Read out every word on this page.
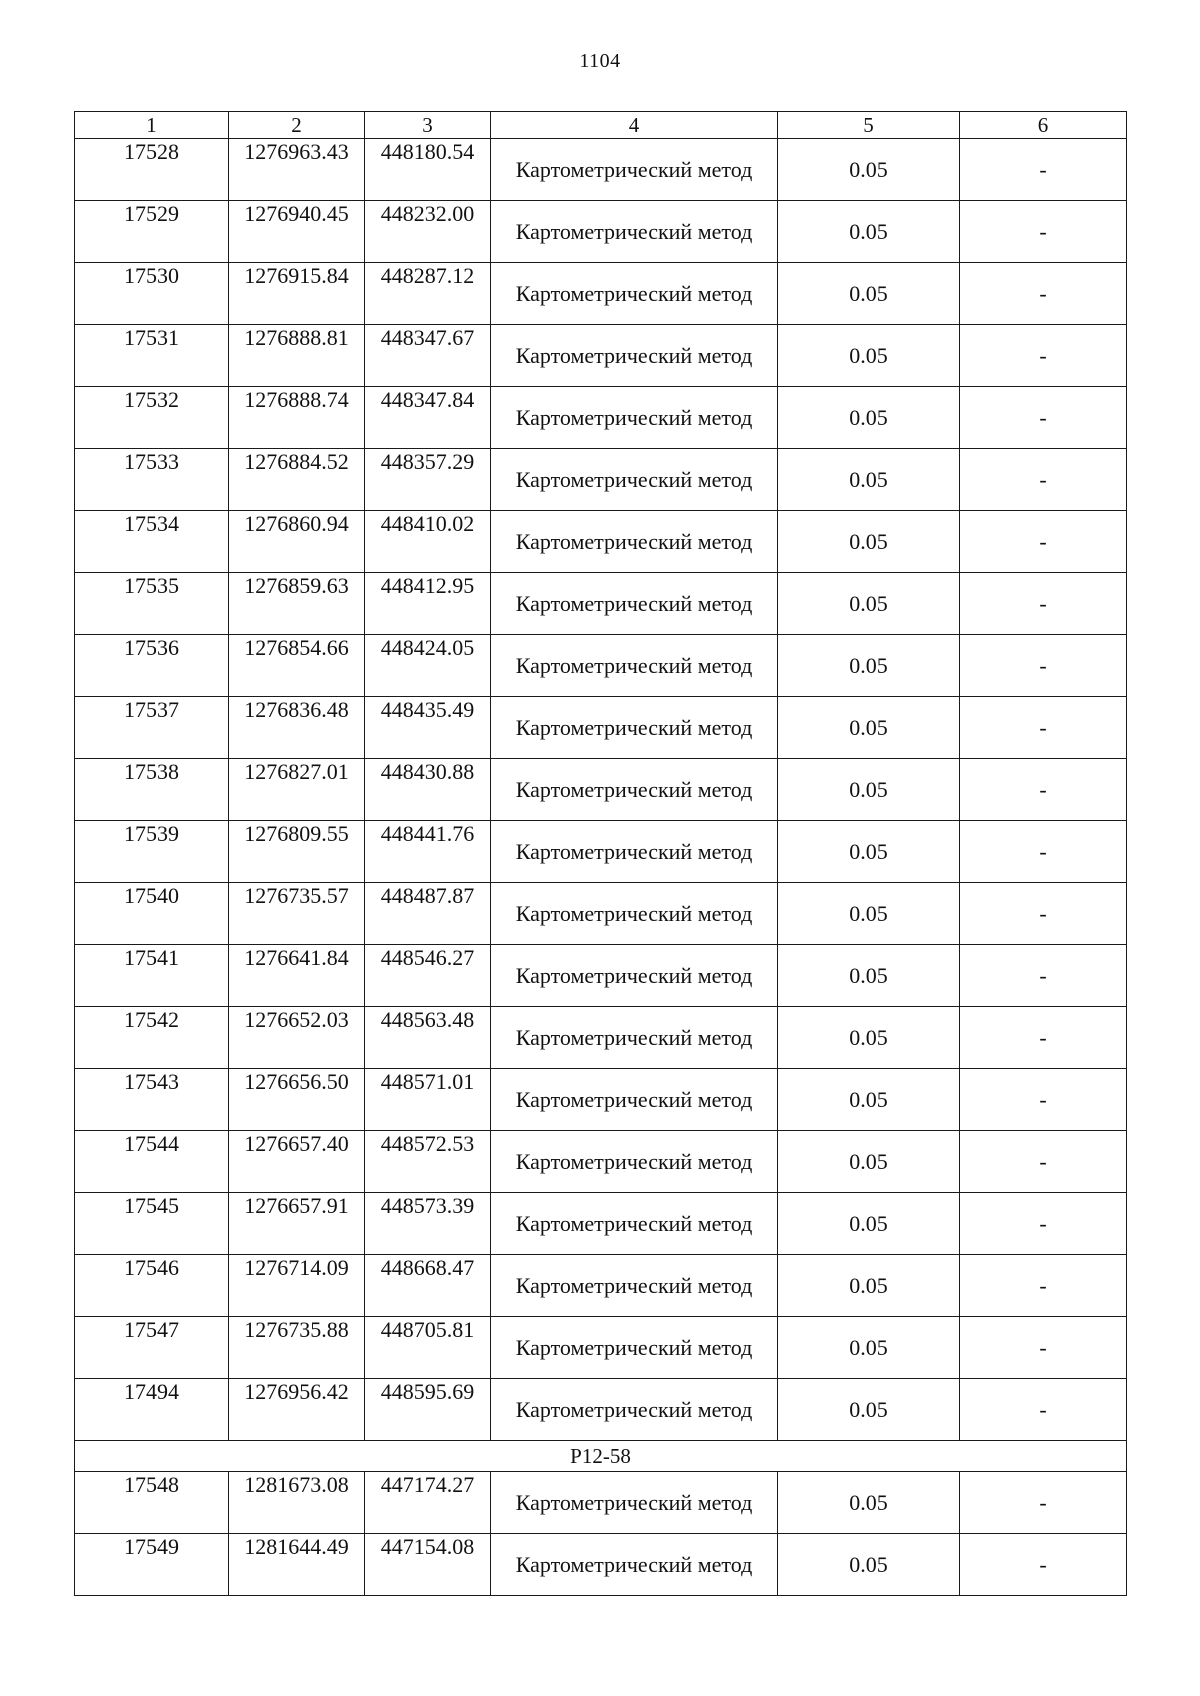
1104
1	2	3	4	5	6
17528	1276963.43	448180.54	Картометрический метод	0.05	-
17529	1276940.45	448232.00	Картометрический метод	0.05	-
17530	1276915.84	448287.12	Картометрический метод	0.05	-
17531	1276888.81	448347.67	Картометрический метод	0.05	-
17532	1276888.74	448347.84	Картометрический метод	0.05	-
17533	1276884.52	448357.29	Картометрический метод	0.05	-
17534	1276860.94	448410.02	Картометрический метод	0.05	-
17535	1276859.63	448412.95	Картометрический метод	0.05	-
17536	1276854.66	448424.05	Картометрический метод	0.05	-
17537	1276836.48	448435.49	Картометрический метод	0.05	-
17538	1276827.01	448430.88	Картометрический метод	0.05	-
17539	1276809.55	448441.76	Картометрический метод	0.05	-
17540	1276735.57	448487.87	Картометрический метод	0.05	-
17541	1276641.84	448546.27	Картометрический метод	0.05	-
17542	1276652.03	448563.48	Картометрический метод	0.05	-
17543	1276656.50	448571.01	Картометрический метод	0.05	-
17544	1276657.40	448572.53	Картометрический метод	0.05	-
17545	1276657.91	448573.39	Картометрический метод	0.05	-
17546	1276714.09	448668.47	Картометрический метод	0.05	-
17547	1276735.88	448705.81	Картометрический метод	0.05	-
17494	1276956.42	448595.69	Картометрический метод	0.05	-
Р12-58					
17548	1281673.08	447174.27	Картометрический метод	0.05	-
17549	1281644.49	447154.08	Картометрический метод	0.05	-
